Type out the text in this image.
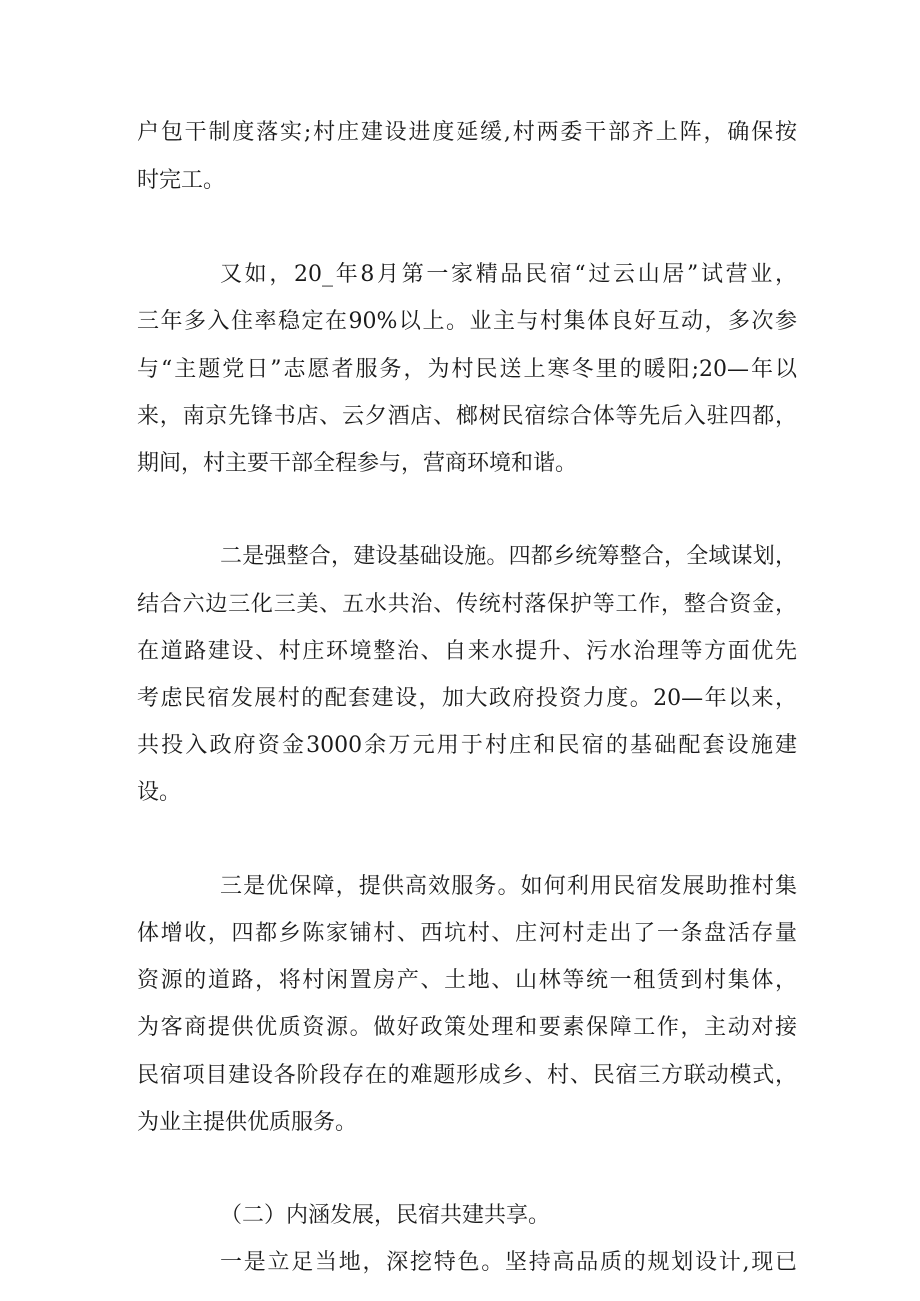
户包干制度落实;村庄建设进度延缓,村两委干部齐上阵，确保按
时完工。
又如，20_年8月第一家精品民宿“过云山居”试营业，
三年多入住率稳定在90%以上。业主与村集体良好互动，多次参
与“主题党日”志愿者服务，为村民送上寒冬里的暖阳;20—年以
来，南京先锋书店、云夕酒店、榔树民宿综合体等先后入驻四都，
期间，村主要干部全程参与，营商环境和谐。
二是强整合，建设基础设施。四都乡统筹整合，全域谋划，
结合六边三化三美、五水共治、传统村落保护等工作，整合资金，
在道路建设、村庄环境整治、自来水提升、污水治理等方面优先
考虑民宿发展村的配套建设，加大政府投资力度。20—年以来，
共投入政府资金3000余万元用于村庄和民宿的基础配套设施建
设。
三是优保障，提供高效服务。如何利用民宿发展助推村集
体增收，四都乡陈家铺村、西坑村、庄河村走出了一条盘活存量
资源的道路，将村闲置房产、土地、山林等统一租赁到村集体，
为客商提供优质资源。做好政策处理和要素保障工作，主动对接
民宿项目建设各阶段存在的难题形成乡、村、民宿三方联动模式，
为业主提供优质服务。
（二）内涵发展，民宿共建共享。
一是立足当地，深挖特色。坚持高品质的规划设计,现已
